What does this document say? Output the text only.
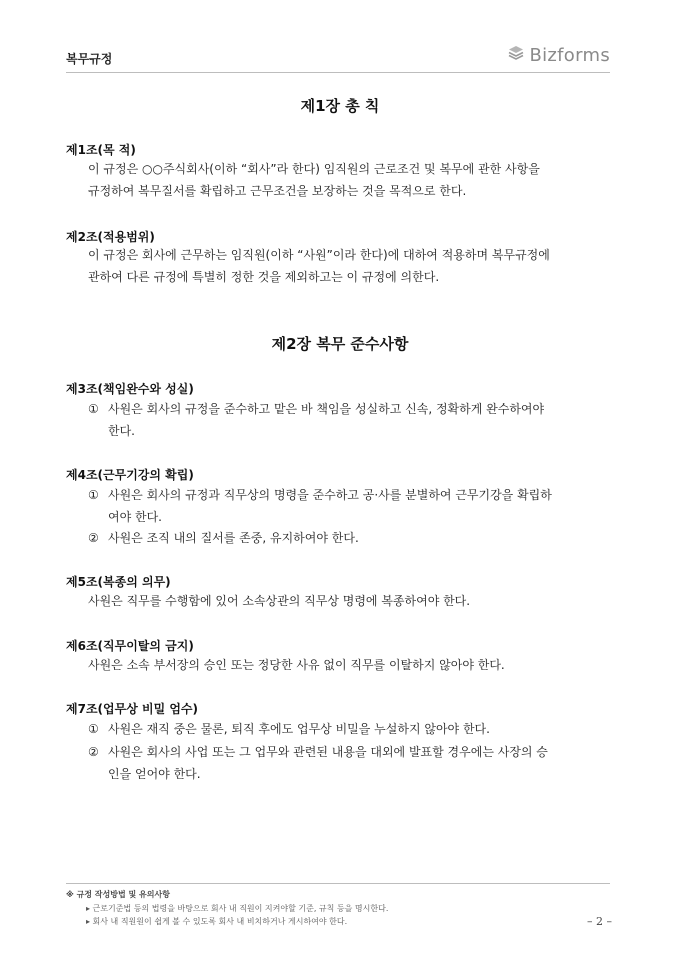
복무규정	Bizforms
제1장 총 칙
제1조(목 적)
이 규정은 ○○주식회사(이하 “회사”라 한다) 임직원의 근로조건 및 복무에 관한 사항을
규정하여 복무질서를 확립하고 근무조건을 보장하는 것을 목적으로 한다.
제2조(적용범위)
이 규정은 회사에 근무하는 임직원(이하 “사원”이라 한다)에 대하여 적용하며 복무규정에
관하여 다른 규정에 특별히 정한 것을 제외하고는 이 규정에 의한다.
제2장 복무 준수사항
제3조(책임완수와 성실)
① 사원은 회사의 규정을 준수하고 맡은 바 책임을 성실하고 신속, 정확하게 완수하여야
한다.
제4조(근무기강의 확립)
① 사원은 회사의 규정과 직무상의 명령을 준수하고 공·사를 분별하여 근무기강을 확립하
여야 한다.
② 사원은 조직 내의 질서를 존중, 유지하여야 한다.
제5조(복종의 의무)
사원은 직무를 수행함에 있어 소속상관의 직무상 명령에 복종하여야 한다.
제6조(직무이탈의 금지)
사원은 소속 부서장의 승인 또는 정당한 사유 없이 직무를 이탈하지 않아야 한다.
제7조(업무상 비밀 엄수)
① 사원은 재직 중은 물론, 퇴직 후에도 업무상 비밀을 누설하지 않아야 한다.
② 사원은 회사의 사업 또는 그 업무와 관련된 내용을 대외에 발표할 경우에는 사장의 승
인을 얻어야 한다.
※ 규정 작성방법 및 유의사항
▸ 근로기준법 등의 법령을 바탕으로 회사 내 직원이 지켜야할 기준, 규칙 등을 명시한다.
▸ 회사 내 직원원이 쉽게 볼 수 있도록 회사 내 비치하거나 게시하여야 한다.	– 2 –
